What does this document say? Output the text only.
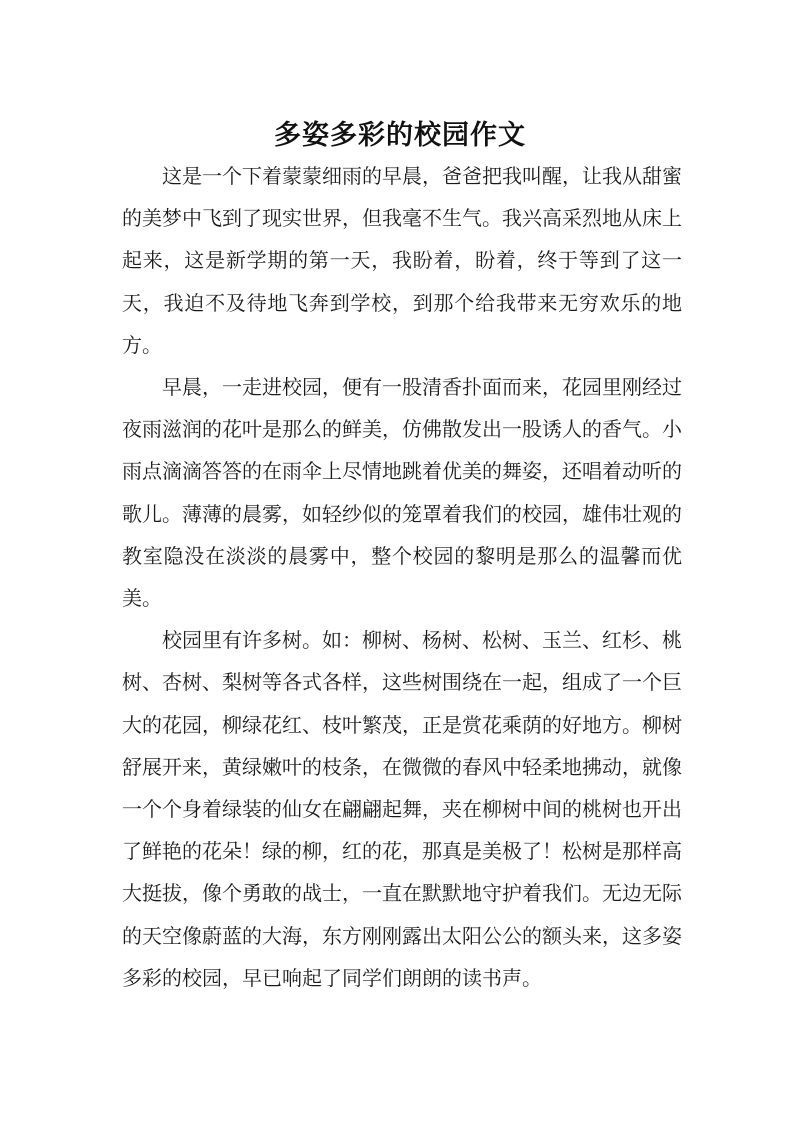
多姿多彩的校园作文

这是一个下着蒙蒙细雨的早晨，爸爸把我叫醒，让我从甜蜜的美梦中飞到了现实世界，但我毫不生气。我兴高采烈地从床上起来，这是新学期的第一天，我盼着，盼着，终于等到了这一天，我迫不及待地飞奔到学校，到那个给我带来无穷欢乐的地方。

早晨，一走进校园，便有一股清香扑面而来，花园里刚经过夜雨滋润的花叶是那么的鲜美，仿佛散发出一股诱人的香气。小雨点滴滴答答的在雨伞上尽情地跳着优美的舞姿，还唱着动听的歌儿。薄薄的晨雾，如轻纱似的笼罩着我们的校园，雄伟壮观的教室隐没在淡淡的晨雾中，整个校园的黎明是那么的温馨而优美。

校园里有许多树。如：柳树、杨树、松树、玉兰、红杉、桃树、杏树、梨树等各式各样，这些树围绕在一起，组成了一个巨大的花园，柳绿花红、枝叶繁茂，正是赏花乘荫的好地方。柳树舒展开来，黄绿嫩叶的枝条，在微微的春风中轻柔地拂动，就像一个个身着绿装的仙女在翩翩起舞，夹在柳树中间的桃树也开出了鲜艳的花朵！绿的柳，红的花，那真是美极了！松树是那样高大挺拔，像个勇敢的战士，一直在默默地守护着我们。无边无际的天空像蔚蓝的大海，东方刚刚露出太阳公公的额头来，这多姿多彩的校园，早已响起了同学们朗朗的读书声。
